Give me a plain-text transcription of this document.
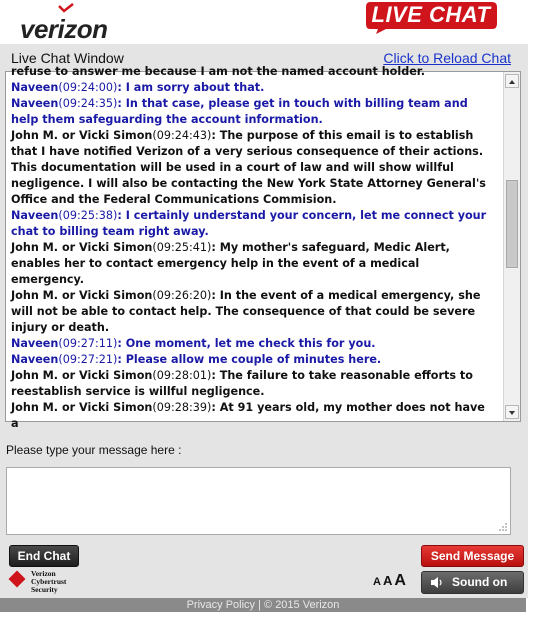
verizon	LIVE CHAT
Live Chat Window	Click to Reload Chat

refuse to answer me because I am not the named account holder.

Naveen(09:24:00): I am sorry about that.

Naveen(09:24:35): In that case, please get in touch with billing team and help them safeguarding the account information.

John M. or Vicki Simon(09:24:43): The purpose of this email is to establish that I have notified Verizon of a very serious consequence of their actions. This documentation will be used in a court of law and will show willful negligence. I will also be contacting the New York State Attorney General's Office and the Federal Communications Commision.

Naveen(09:25:38): I certainly understand your concern, let me connect your chat to billing team right away.

John M. or Vicki Simon(09:25:41): My mother's safeguard, Medic Alert, enables her to contact emergency help in the event of a medical emergency.

John M. or Vicki Simon(09:26:20): In the event of a medical emergency, she will not be able to contact help. The consequence of that could be severe injury or death.

Naveen(09:27:11): One moment, let me check this for you.

Naveen(09:27:21): Please allow me couple of minutes here.

John M. or Vicki Simon(09:28:01): The failure to take reasonable efforts to reestablish service is willful negligence.

John M. or Vicki Simon(09:28:39): At 91 years old, my mother does not have a

Please type your message here :
End Chat	Send Message
Verizon
Cybertrust
Security
A A A	Sound on
Privacy Policy | © 2015 Verizon
